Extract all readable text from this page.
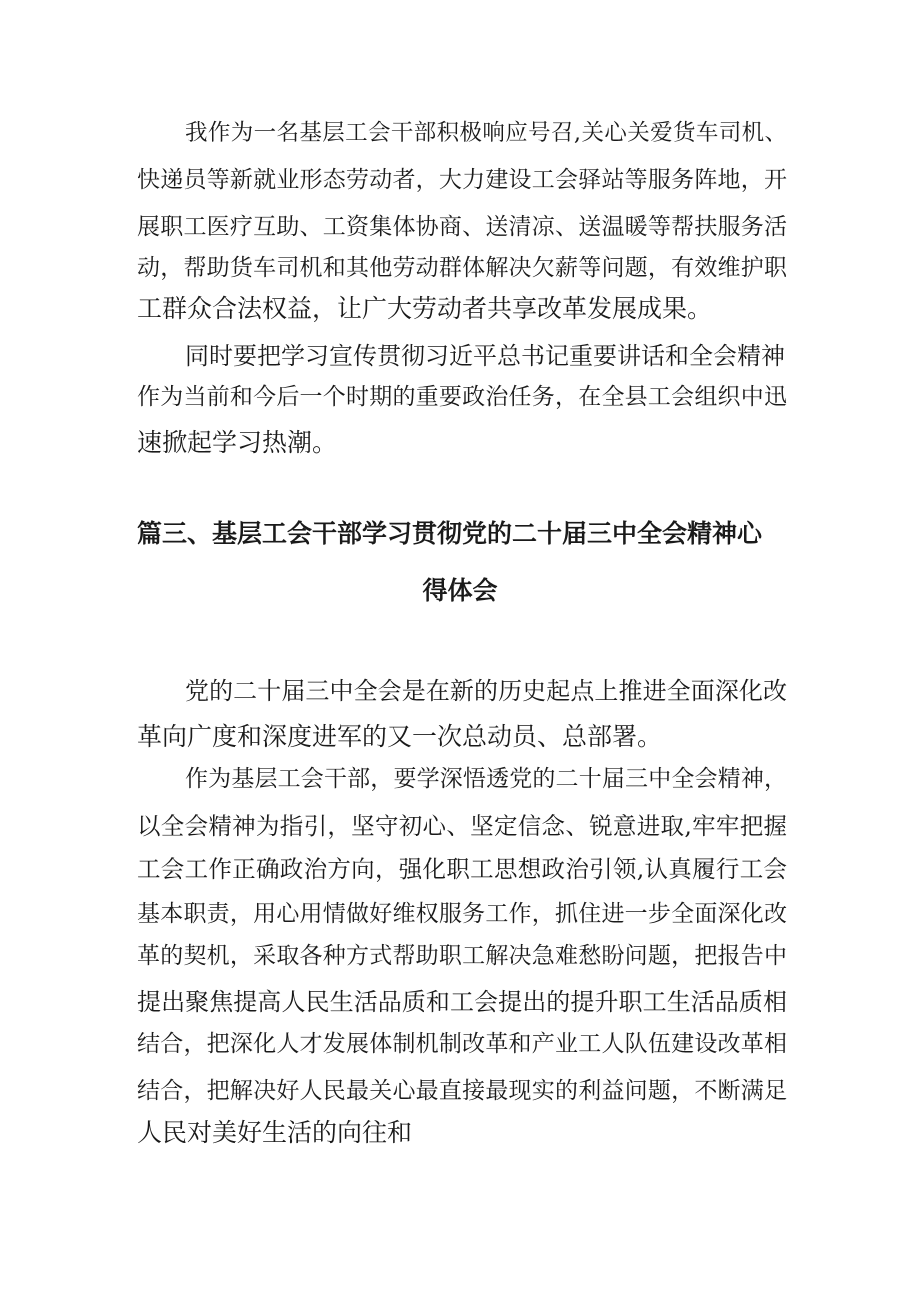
我作为一名基层工会干部积极响应号召,关心关爱货车司机、
快递员等新就业形态劳动者，大力建设工会驿站等服务阵地，开
展职工医疗互助、工资集体协商、送清凉、送温暖等帮扶服务活
动，帮助货车司机和其他劳动群体解决欠薪等问题，有效维护职
工群众合法权益，让广大劳动者共享改革发展成果。
同时要把学习宣传贯彻习近平总书记重要讲话和全会精神
作为当前和今后一个时期的重要政治任务，在全县工会组织中迅
速掀起学习热潮。
篇三、基层工会干部学习贯彻党的二十届三中全会精神心
得体会
党的二十届三中全会是在新的历史起点上推进全面深化改
革向广度和深度进军的又一次总动员、总部署。
作为基层工会干部，要学深悟透党的二十届三中全会精神，
以全会精神为指引，坚守初心、坚定信念、锐意进取,牢牢把握
工会工作正确政治方向，强化职工思想政治引领,认真履行工会
基本职责，用心用情做好维权服务工作，抓住进一步全面深化改
革的契机，采取各种方式帮助职工解决急难愁盼问题，把报告中
提出聚焦提高人民生活品质和工会提出的提升职工生活品质相
结合，把深化人才发展体制机制改革和产业工人队伍建设改革相
结合，把解决好人民最关心最直接最现实的利益问题，不断满足
人民对美好生活的向往和
